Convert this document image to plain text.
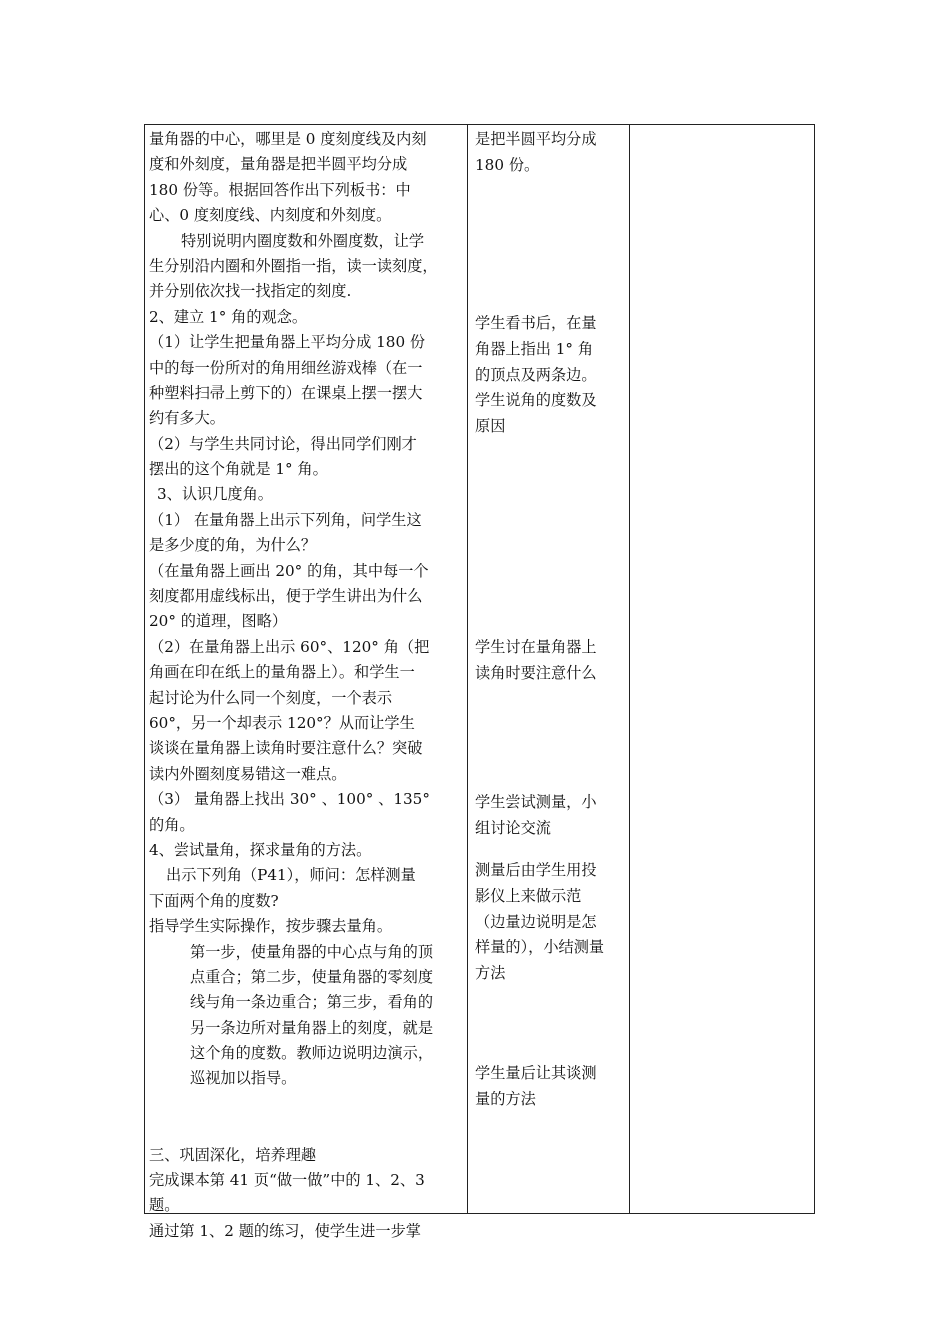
量角器的中心，哪里是 0 度刻度线及内刻
度和外刻度，量角器是把半圆平均分成
180 份等。根据回答作出下列板书：中
心、0 度刻度线、内刻度和外刻度。
特别说明内圈度数和外圈度数，让学
生分别沿内圈和外圈指一指，读一读刻度，
并分别依次找一找指定的刻度.
2、建立 1° 角的观念。
（1）让学生把量角器上平均分成 180 份
中的每一份所对的角用细丝游戏棒（在一
种塑料扫帚上剪下的）在课桌上摆一摆大
约有多大。
（2）与学生共同讨论，得出同学们刚才
摆出的这个角就是 1° 角。
3、认识几度角。
（1） 在量角器上出示下列角，问学生这
是多少度的角，为什么？
（在量角器上画出 20° 的角，其中每一个
刻度都用虚线标出，便于学生讲出为什么
20° 的道理，图略）
（2）在量角器上出示 60°、120° 角（把
角画在印在纸上的量角器上）。和学生一
起讨论为什么同一个刻度，一个表示
60°，另一个却表示 120°？从而让学生
谈谈在量角器上读角时要注意什么？突破
读内外圈刻度易错这一难点。
（3） 量角器上找出 30° 、100° 、135°
的角。
4、尝试量角，探求量角的方法。
出示下列角（P41），师问：怎样测量
下面两个角的度数?
指导学生实际操作，按步骤去量角。
第一步，使量角器的中心点与角的顶
点重合；第二步，使量角器的零刻度
线与角一条边重合；第三步，看角的
另一条边所对量角器上的刻度，就是
这个角的度数。教师边说明边演示，
巡视加以指导。
三、巩固深化，培养理趣
完成课本第 41 页“做一做”中的 1、2、3
题。
通过第 1、2 题的练习，使学生进一步掌
是把半圆平均分成
180 份。
学生看书后，在量
角器上指出 1° 角
的顶点及两条边。
学生说角的度数及
原因
学生讨在量角器上
读角时要注意什么
学生尝试测量，小
组讨论交流
测量后由学生用投
影仪上来做示范
（边量边说明是怎
样量的），小结测量
方法
学生量后让其谈测
量的方法
